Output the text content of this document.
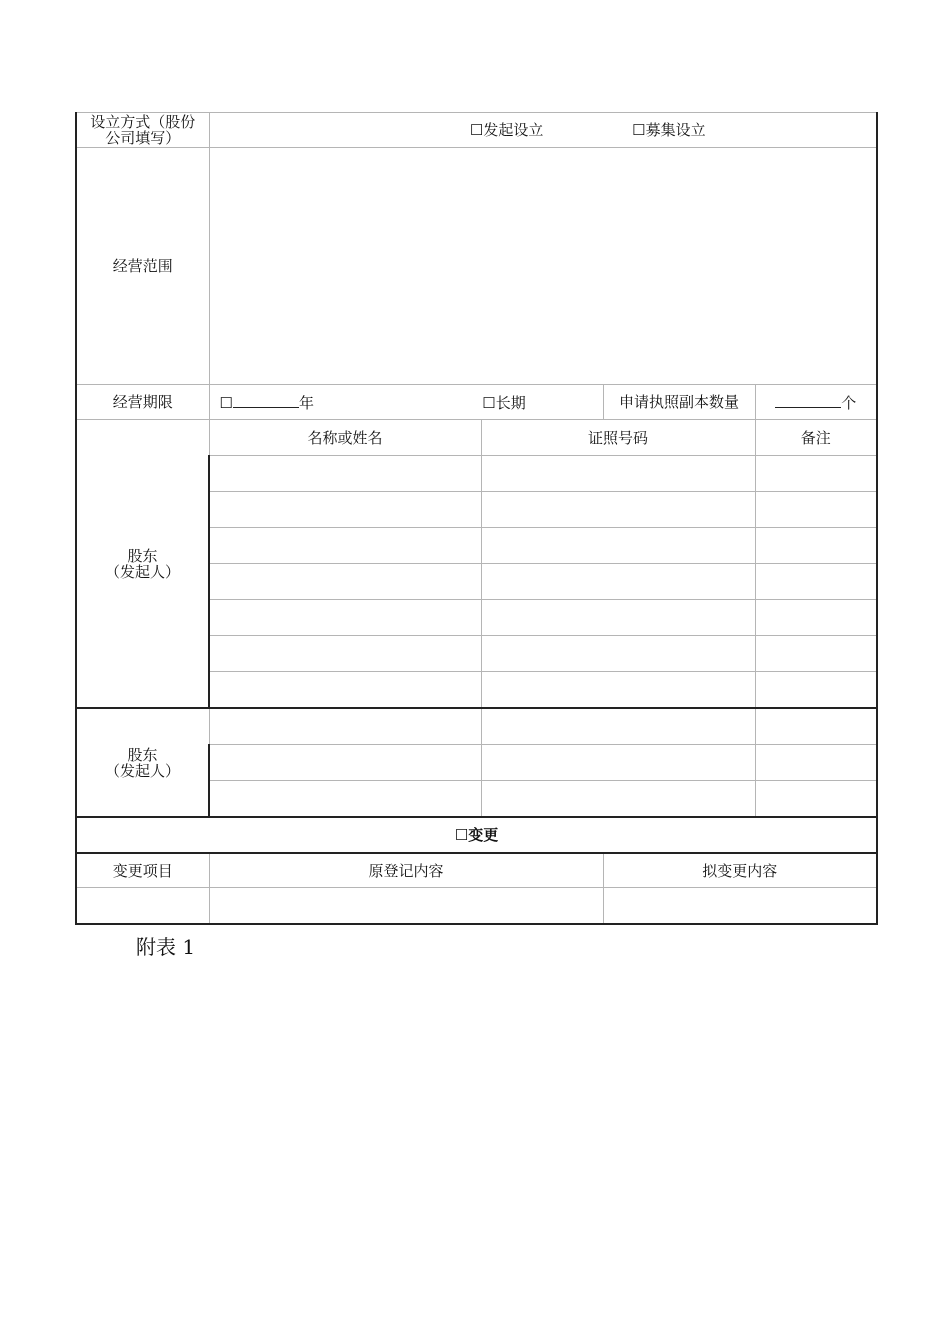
设立方式（股份
公司填写）	☐发起设立 ☐募集设立			
经营范围				
经营期限	☐ 年 ☐长期		申请执照副本数量	个

股东
（发起人）	名称或姓名	证照号码		备注

股东
（发起人）				

☐变更				
变更项目	原登记内容		拟变更内容	

附表 1
